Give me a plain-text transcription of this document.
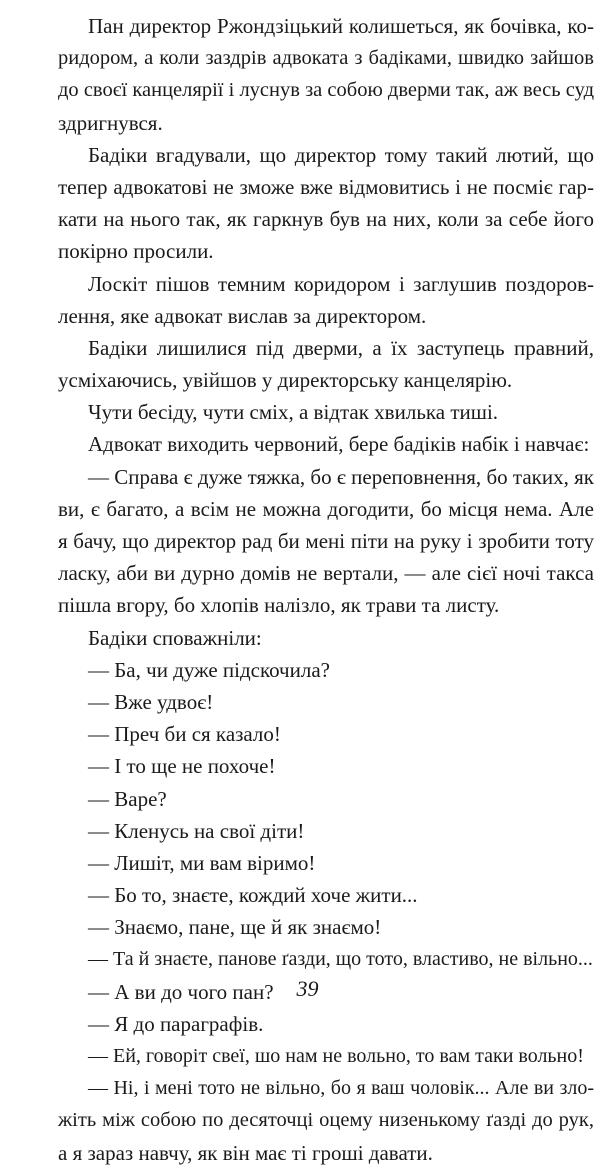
Пан директор Ржондзіцький колишеться, як бочівка, ко-
ридором, а коли заздрів адвоката з бадіками, швидко зайшов
до своєї канцелярії і луснув за собою дверми так, аж весь суд
здригнувся.
Бадіки вгадували, що директор тому такий лютий, що
тепер адвокатові не зможе вже відмовитись і не посміє гар-
кати на нього так, як гаркнув був на них, коли за себе його
покірно просили.
Лоскіт пішов темним коридором і заглушив поздоров-
лення, яке адвокат вислав за директором.
Бадіки лишилися під дверми, а їх заступець правний,
усміхаючись, увійшов у директорську канцелярію.
Чути бесіду, чути сміх, а відтак хвилька тиші.
Адвокат виходить червоний, бере бадіків набік і навчає:
— Справа є дуже тяжка, бо є переповнення, бо таких, як
ви, є багато, а всім не можна догодити, бо місця нема. Але
я бачу, що директор рад би мені піти на руку і зробити тоту
ласку, аби ви дурно домів не вертали, — але сієї ночі такса
пішла вгору, бо хлопів налізло, як трави та листу.
Бадіки споважніли:
— Ба, чи дуже підскочила?
— Вже удвоє!
— Преч би ся казало!
— І то ще не похоче!
— Варе?
— Кленусь на свої діти!
— Лишіт, ми вам віримо!
— Бо то, знаєте, кождий хоче жити...
— Знаємо, пане, ще й як знаємо!
— Та й знаєте, панове ґазди, що тото, властиво, не вільно...
— А ви до чого пан?
— Я до параграфів.
— Ей, говоріт свеї, шо нам не вольно, то вам таки вольно!
— Ні, і мені тото не вільно, бо я ваш чоловік... Але ви зло-
жіть між собою по десяточці оцему низенькому ґазді до рук,
а я зараз навчу, як він має ті гроші давати.
39
